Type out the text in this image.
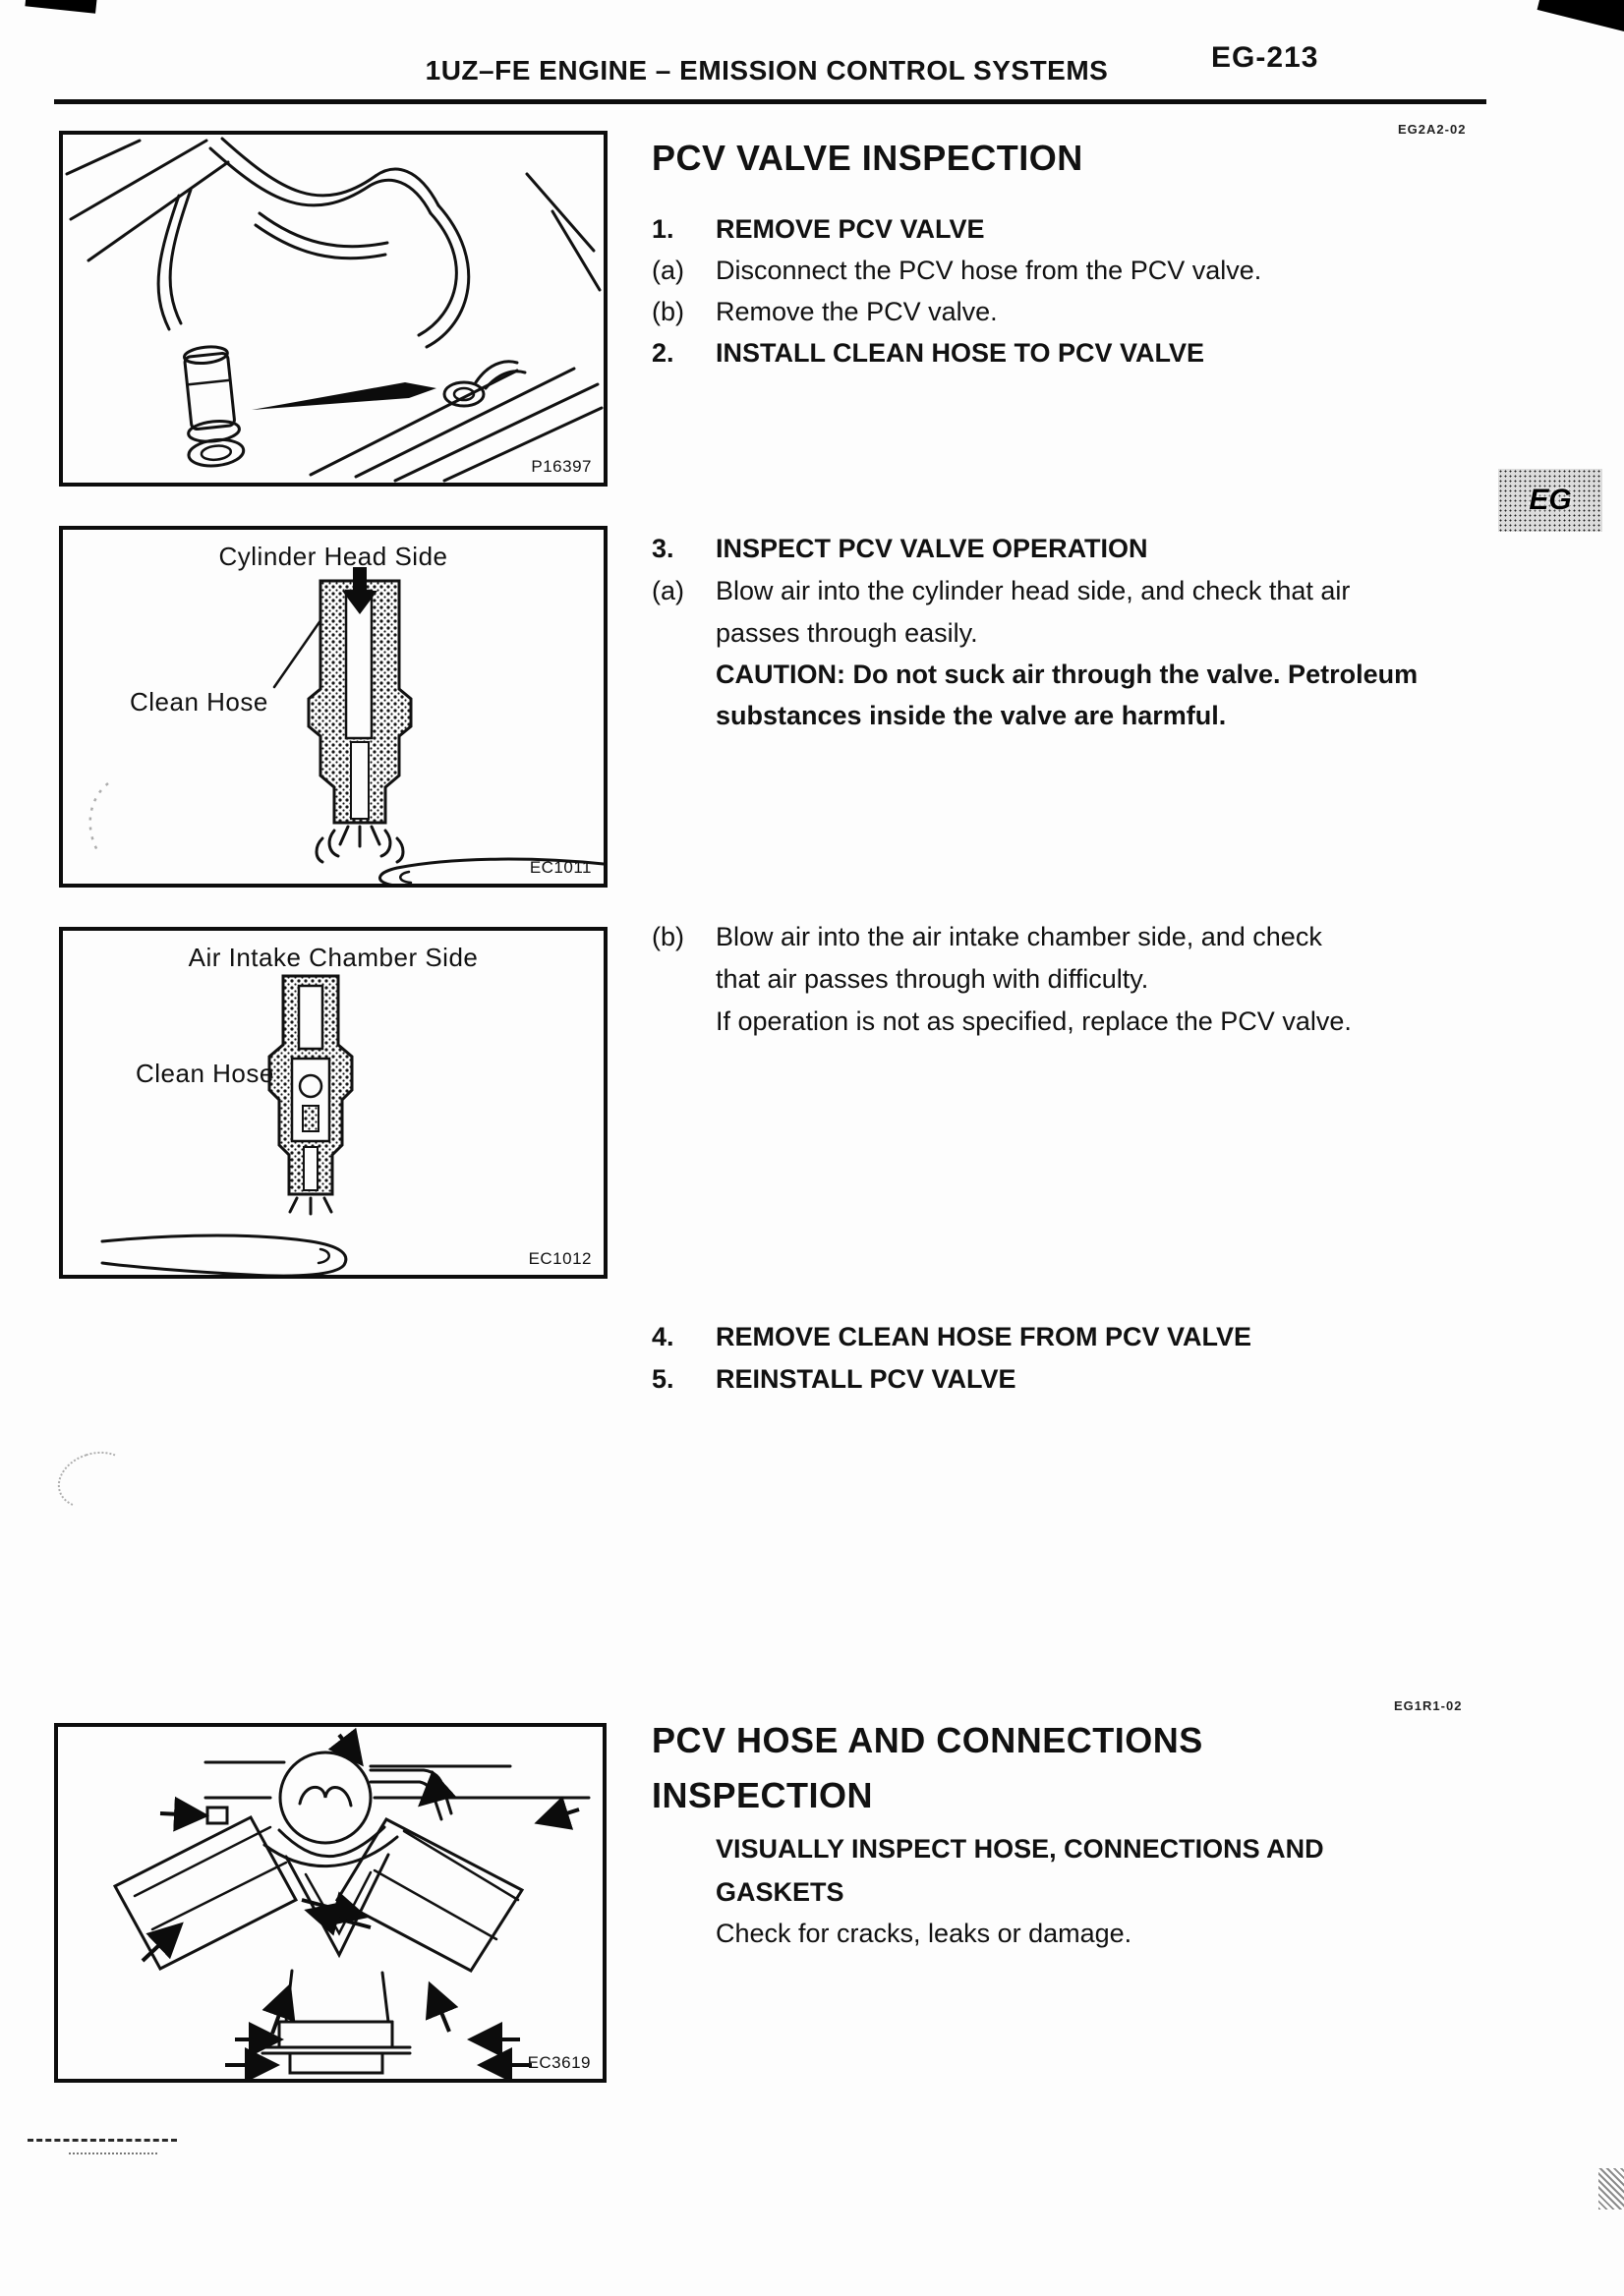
1UZ–FE ENGINE – EMISSION CONTROL SYSTEMS	EG-213
EG2A2-02
EG1R1-02
EG
P16397
Cylinder Head Side
Clean Hose
EC1011
Air Intake Chamber Side
Clean Hose
EC1012
EC3619
PCV VALVE INSPECTION
1. REMOVE PCV VALVE
(a) Disconnect the PCV hose from the PCV valve.
(b) Remove the PCV valve.
2. INSTALL CLEAN HOSE TO PCV VALVE
3. INSPECT PCV VALVE OPERATION
(a) Blow air into the cylinder head side, and check that air
passes through easily.
CAUTION: Do not suck air through the valve. Petroleum
substances inside the valve are harmful.
(b) Blow air into the air intake chamber side, and check
that air passes through with difficulty.
If operation is not as specified, replace the PCV valve.
4. REMOVE CLEAN HOSE FROM PCV VALVE
5. REINSTALL PCV VALVE
PCV HOSE AND CONNECTIONS
INSPECTION
VISUALLY INSPECT HOSE, CONNECTIONS AND
GASKETS
Check for cracks, leaks or damage.
